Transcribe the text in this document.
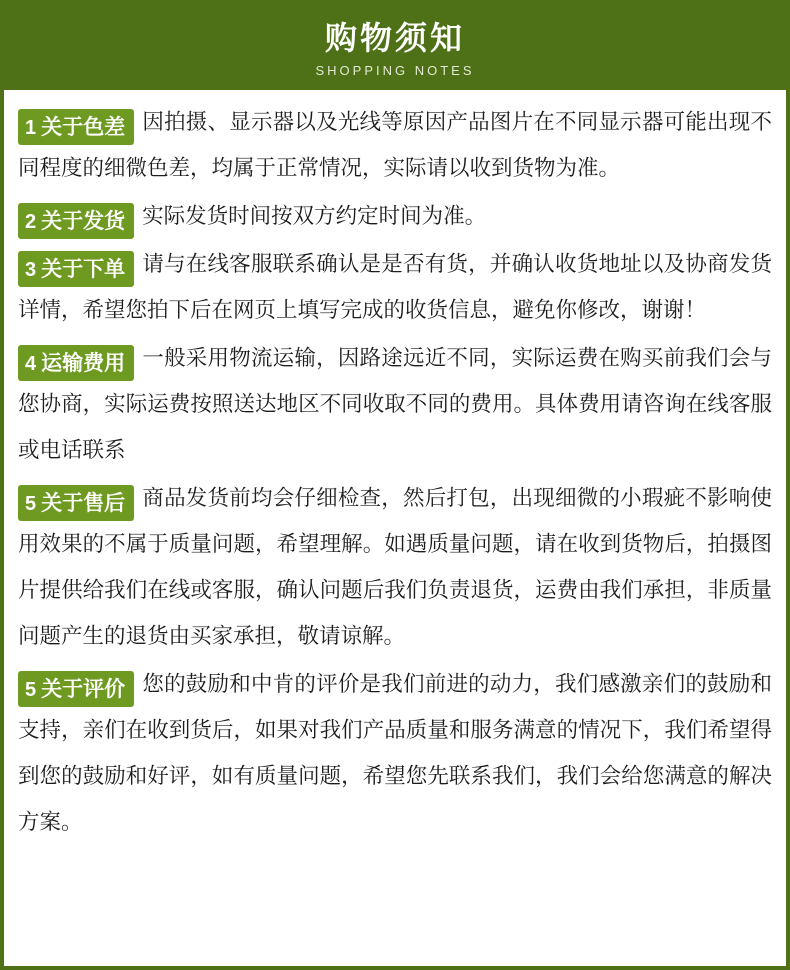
购物须知
SHOPPING NOTES

1 关于色差 因拍摄、显示器以及光线等原因产品图片在不同显示器可能出现不同程度的细微色差，均属于正常情况，实际请以收到货物为准。

2 关于发货 实际发货时间按双方约定时间为准。

3 关于下单 请与在线客服联系确认是是否有货，并确认收货地址以及协商发货详情，希望您拍下后在网页上填写完成的收货信息，避免你修改，谢谢！

4 运输费用 一般采用物流运输，因路途远近不同，实际运费在购买前我们会与您协商，实际运费按照送达地区不同收取不同的费用。具体费用请咨询在线客服或电话联系

5 关于售后 商品发货前均会仔细检查，然后打包，出现细微的小瑕疵不影响使用效果的不属于质量问题，希望理解。如遇质量问题，请在收到货物后，拍摄图片提供给我们在线或客服，确认问题后我们负责退货，运费由我们承担，非质量问题产生的退货由买家承担，敬请谅解。

5 关于评价 您的鼓励和中肯的评价是我们前进的动力，我们感激亲们的鼓励和支持，亲们在收到货后，如果对我们产品质量和服务满意的情况下，我们希望得到您的鼓励和好评，如有质量问题，希望您先联系我们，我们会给您满意的解决方案。
